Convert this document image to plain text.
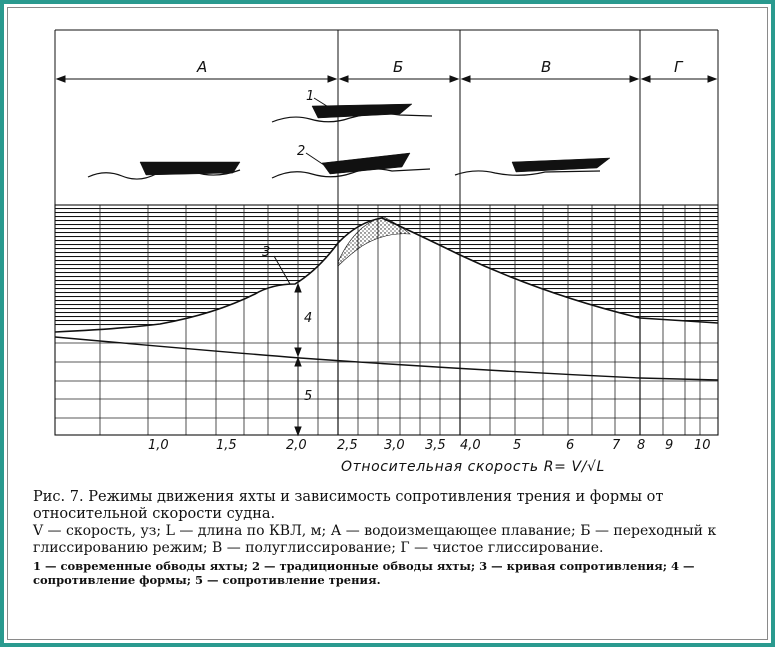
А	Б	В	Г
1
2
3
4
5
1,0	1,5	2,0 2,5 3,0 3,5 4,0 5	6	7 8 9 10
Относительная скорость R= V/√L

Рис. 7. Режимы движения яхты и зависимость сопротивления трения и формы от относительной скорости судна.

V — скорость, уз; L — длина по КВЛ, м; А — водоизмещающее плавание; Б — переходный к глиссированию режим; В — полуглиссирование; Г — чистое глиссирование.

1 — современные обводы яхты; 2 — традиционные обводы яхты; 3 — кривая сопротивления; 4 — сопротивление формы; 5 — сопротивление трения.
